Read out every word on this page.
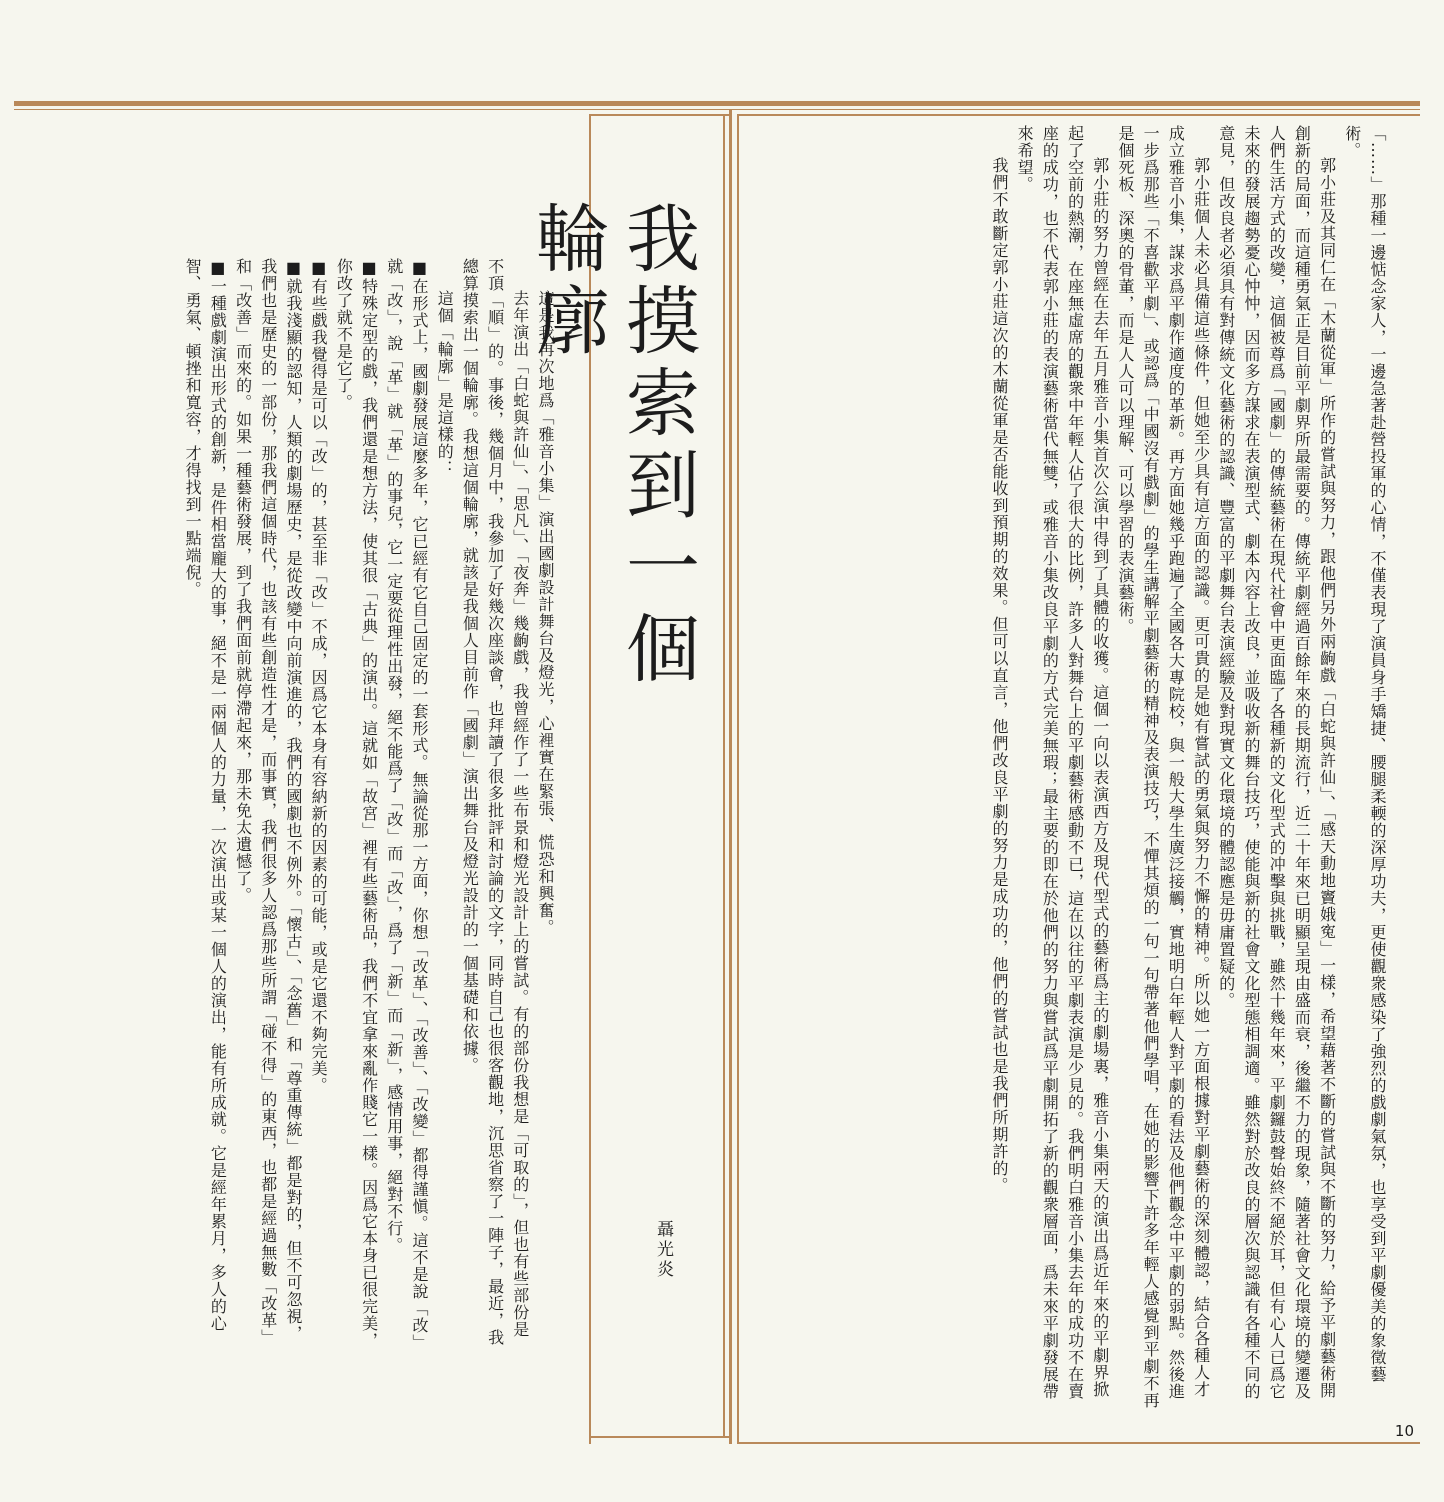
我摸索到一個輪廓
聶光炎	「……」那種一邊惦念家人，一邊急著赴營投軍的心情，不僅表現了演員身手矯捷、腰腿柔輭的深厚功夫，更使觀衆感染了強烈的戲劇氣氛，也享受到平劇優美的象徵藝術。

郭小莊及其同仁在「木蘭從軍」所作的嘗試與努力，跟他們另外兩齣戲「白蛇與許仙」、「感天動地竇娥寃」一樣，希望藉著不斷的嘗試與不斷的努力，給予平劇藝術開創新的局面，而這種勇氣正是目前平劇界所最需要的。傳統平劇經過百餘年來的長期流行，近二十年來已明顯呈現由盛而衰，後繼不力的現象，隨著社會文化環境的變遷及人們生活方式的改變，這個被尊爲「國劇」的傳統藝術在現代社會中更面臨了各種新的文化型式的冲擊與挑戰，雖然十幾年來，平劇鑼鼓聲始終不絕於耳，但有心人已爲它未來的發展趨勢憂心忡忡，因而多方謀求在表演型式、劇本內容上改良，並吸收新的舞台技巧，使能與新的社會文化型態相調適。雖然對於改良的層次與認識有各種不同的意見，但改良者必須具有對傳統文化藝術的認識、豐富的平劇舞台表演經驗及對現實文化環境的體認應是毋庸置疑的。

郭小莊個人未必具備這些條件，但她至少具有這方面的認識。更可貴的是她有嘗試的勇氣與努力不懈的精神。所以她一方面根據對平劇藝術的深刻體認，結合各種人才成立雅音小集，謀求爲平劇作適度的革新。再方面她幾乎跑遍了全國各大專院校，與一般大學生廣泛接觸，實地明白年輕人對平劇的看法及他們觀念中平劇的弱點。然後進一步爲那些「不喜歡平劇」、或認爲「中國沒有戲劇」的學生講解平劇藝術的精神及表演技巧，不憚其煩的一句一句帶著他們學唱，在她的影響下許多年輕人感覺到平劇不再是個死板、深奧的骨董，而是人人可以理解、可以學習的表演藝術。

郭小莊的努力曾經在去年五月雅音小集首次公演中得到了具體的收獲。這個一向以表演西方及現代型式的藝術爲主的劇場裏，雅音小集兩天的演出爲近年來的平劇界掀起了空前的熱潮，在座無虛席的觀衆中年輕人佔了很大的比例，許多人對舞台上的平劇藝術感動不已，這在以往的平劇表演是少見的。我們明白雅音小集去年的成功不在賣座的成功，也不代表郭小莊的表演藝術當代無雙，或雅音小集改良平劇的方式完美無瑕；最主要的即在於他們的努力與嘗試爲平劇開拓了新的觀衆層面，爲未來平劇發展帶來希望。

我們不敢斷定郭小莊這次的木蘭從軍是否能收到預期的效果。但可以直言，他們改良平劇的努力是成功的，他們的嘗試也是我們所期許的。

這是我再次地爲「雅音小集」演出國劇設計舞台及燈光，心裡實在緊張、慌恐和興奮。

去年演出「白蛇與許仙」、「思凡」、「夜奔」幾齣戲，我曾經作了一些布景和燈光設計上的嘗試。有的部份我想是「可取的」，但也有些部份是不頂「順」的。事後，幾個月中，我參加了好幾次座談會，也拜讀了很多批評和討論的文字，同時自己也很客觀地，沉思省察了一陣子，最近，我總算摸索出一個輪廓。我想這個輪廓，就該是我個人目前作「國劇」演出舞台及燈光設計的一個基礎和依據。

這個「輪廓」是這樣的：

■在形式上，國劇發展這麼多年，它已經有它自己固定的一套形式。無論從那一方面，你想「改革」、「改善」、「改變」都得謹愼。這不是說「改」就「改」，說「革」就「革」的事兒，它一定要從理性出發，絕不能爲了「改」而「改」，爲了「新」而「新」，感情用事，絕對不行。

■特殊定型的戲，我們還是想方法，使其很「古典」的演出。這就如「故宮」裡有些藝術品，我們不宜拿來亂作賤它一樣。因爲它本身已很完美，你改了就不是它了。

■有些戲我覺得是可以「改」的，甚至非「改」不成，因爲它本身有容納新的因素的可能，或是它還不夠完美。

■就我淺顯的認知，人類的劇場歷史，是從改變中向前演進的，我們的國劇也不例外。「懷古」、「念舊」和「尊重傳統」都是對的，但不可忽視，我們也是歷史的一部份，那我們這個時代，也該有些創造性才是，而事實，我們很多人認爲那些所謂「碰不得」的東西，也都是經過無數「改革」和「改善」而來的。如果一種藝術發展，到了我們面前就停滯起來，那未免太遺憾了。

■一種戲劇演出形式的創新，是件相當龐大的事，絕不是一兩個人的力量，一次演出或某一個人的演出，能有所成就。它是經年累月，多人的心智、勇氣、頓挫和寬容，才得找到一點端倪。

10
